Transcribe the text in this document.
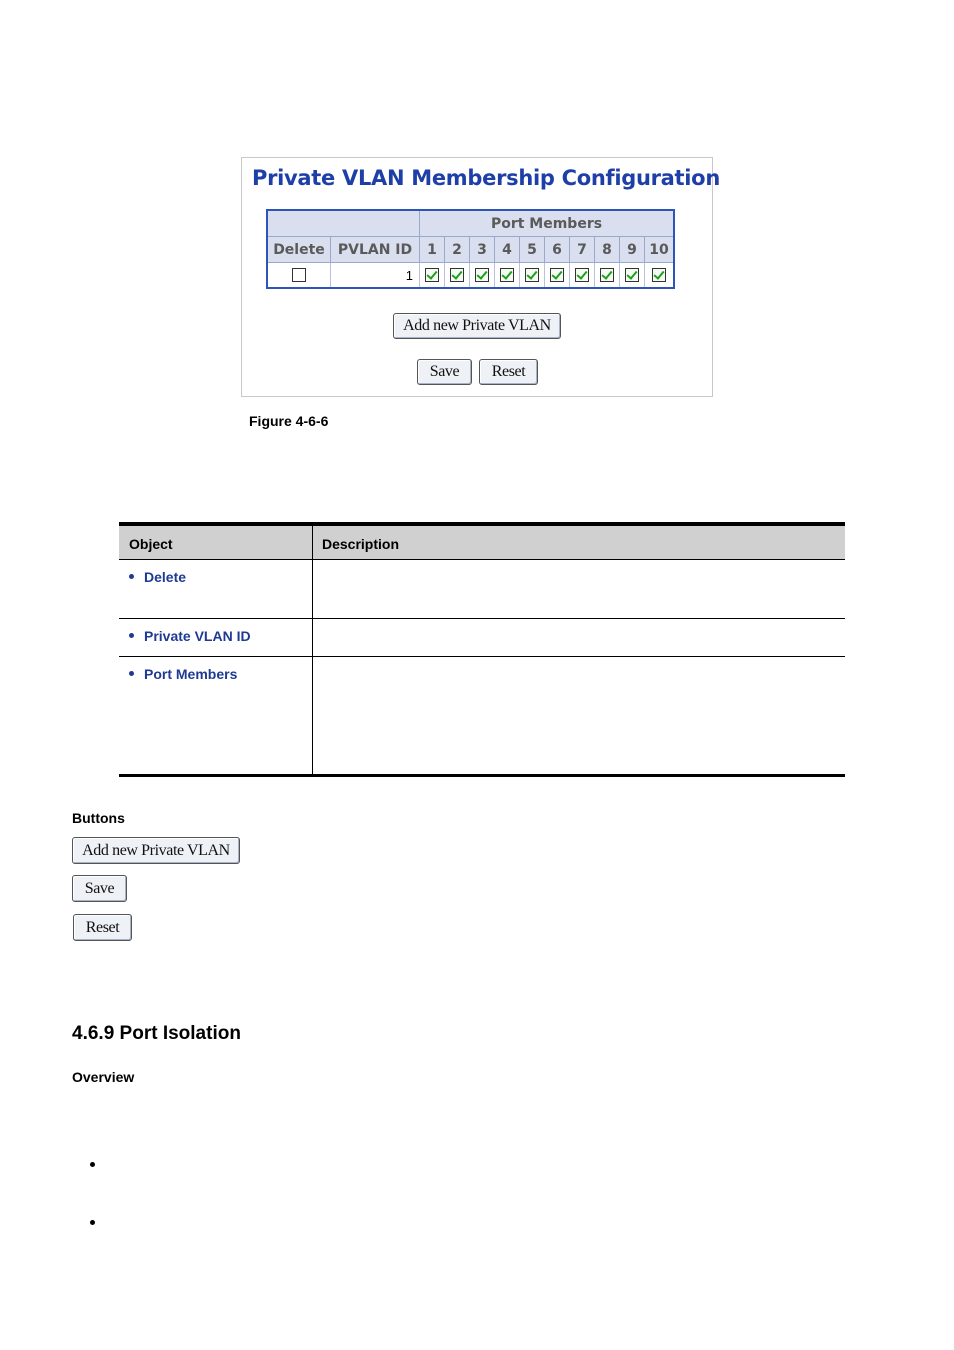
Private VLAN Membership Configuration
		Port Members									
Delete	PVLAN ID	1	2	3	4	5	6	7	8	9	10
	1										
Add new Private VLAN
Save	Reset
Figure 4-6-6
Object	Description
Delete
Private VLAN ID
Port Members
Buttons
Add new Private VLAN
Save
Reset
4.6.9 Port Isolation
Overview
